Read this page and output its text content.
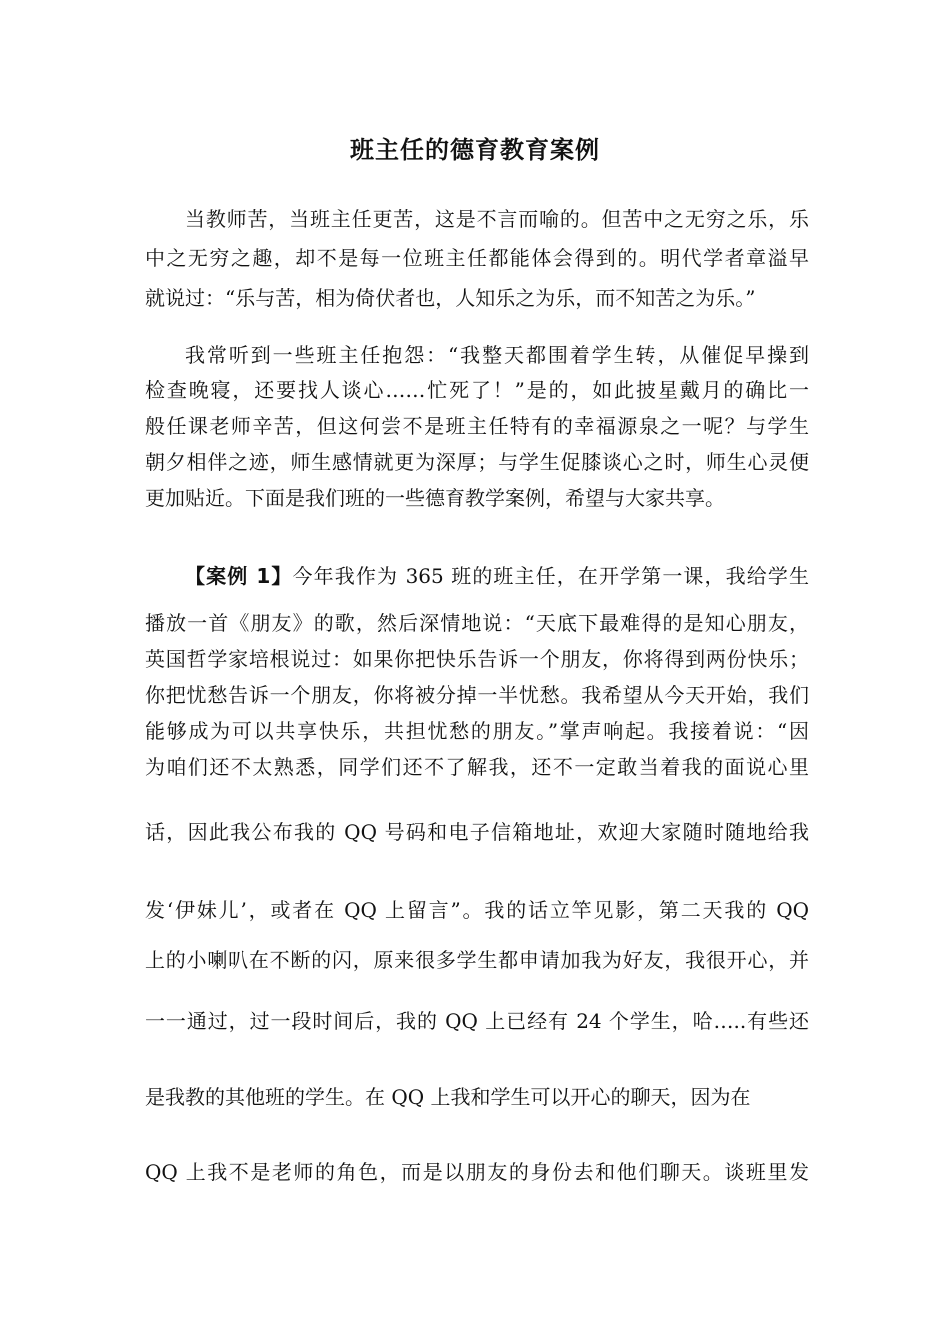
班主任的德育教育案例
当教师苦，当班主任更苦，这是不言而喻的。但苦中之无穷之乐，乐
中之无穷之趣，却不是每一位班主任都能体会得到的。明代学者章溢早
就说过：“乐与苦，相为倚伏者也，人知乐之为乐，而不知苦之为乐。”
我常听到一些班主任抱怨：“我整天都围着学生转，从催促早操到
检查晚寝，还要找人谈心……忙死了！”是的，如此披星戴月的确比一
般任课老师辛苦，但这何尝不是班主任特有的幸福源泉之一呢？与学生
朝夕相伴之迹，师生感情就更为深厚；与学生促膝谈心之时，师生心灵便
更加贴近。下面是我们班的一些德育教学案例，希望与大家共享。
【案例 1】今年我作为 365 班的班主任，在开学第一课，我给学生
播放一首《朋友》的歌，然后深情地说：“天底下最难得的是知心朋友，
英国哲学家培根说过：如果你把快乐告诉一个朋友，你将得到两份快乐；
你把忧愁告诉一个朋友，你将被分掉一半忧愁。我希望从今天开始，我们
能够成为可以共享快乐，共担忧愁的朋友。”掌声响起。我接着说：“因
为咱们还不太熟悉，同学们还不了解我，还不一定敢当着我的面说心里
话，因此我公布我的 QQ 号码和电子信箱地址，欢迎大家随时随地给我
发‘伊妹儿’，或者在 QQ 上留言”。我的话立竿见影，第二天我的 QQ
上的小喇叭在不断的闪，原来很多学生都申请加我为好友，我很开心，并
一一通过，过一段时间后，我的 QQ 上已经有 24 个学生，哈…..有些还
是我教的其他班的学生。在 QQ 上我和学生可以开心的聊天，因为在
QQ 上我不是老师的角色，而是以朋友的身份去和他们聊天。谈班里发
